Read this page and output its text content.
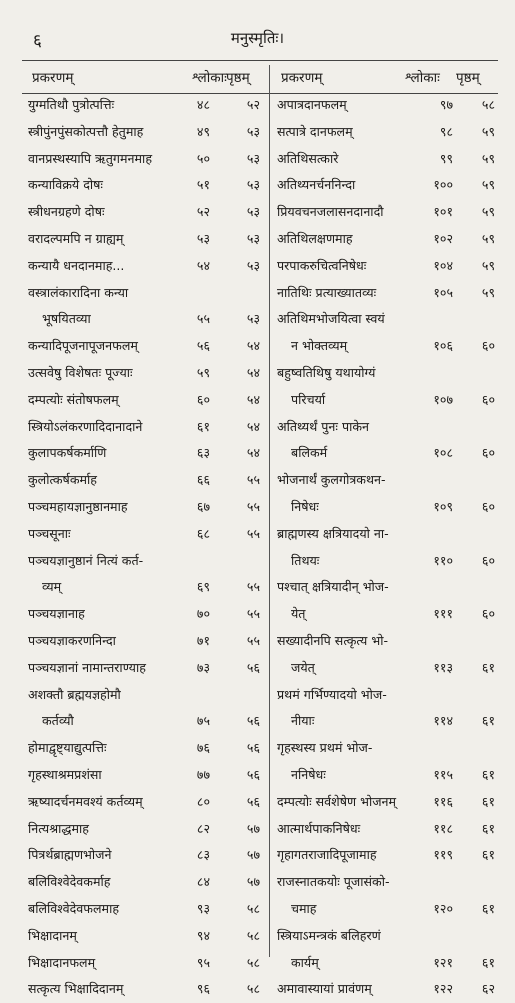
६	मनुस्मृतिः।
प्रकरणम्	श्लोकाः पृष्ठम्
युग्मतिथौ पुत्रोत्पत्तिः	४८	५२
स्त्रीपुंनपुंसकोत्पत्तौ हेतुमाह	४९	५३
वानप्रस्थस्यापि ऋतुगमनमाह	५०	५३
कन्याविक्रये दोषः	५१	५३
स्त्रीधनग्रहणे दोषः	५२	५३
वरादल्पमपि न ग्राह्यम्	५३	५३
कन्यायै धनदानमाह...	५४	५३
वस्त्रालंकारादिना कन्या
भूषयितव्या	५५	५३
कन्यादिपूजनापूजनफलम्	५६	५४
उत्सवेषु विशेषतः पूज्याः	५९	५४
दम्पत्योः संतोषफलम्	६०	५४
स्त्रियोऽलंकरणादिदानादाने	६१	५४
कुलापकर्षकर्माणि	६३	५४
कुलोत्कर्षकर्माह	६६	५५
पञ्चमहायज्ञानुष्ठानमाह	६७	५५
पञ्चसूनाः	६८	५५
पञ्चयज्ञानुष्ठानं नित्यं कर्त-
व्यम्	६९	५५
पञ्चयज्ञानाह	७०	५५
पञ्चयज्ञाकरणनिन्दा	७१	५५
पञ्चयज्ञानां नामान्तराण्याह	७३	५६
अशक्तौ ब्रह्मयज्ञहोमौ
कर्तव्यौ	७५	५६
होमाद्वृष्ट्याद्युत्पत्तिः	७६	५६
गृहस्थाश्रमप्रशंसा	७७	५६
ऋष्यादर्चनमवश्यं कर्तव्यम्	८०	५६
नित्यश्राद्धमाह	८२	५७
पित्रर्थब्राह्मणभोजने	८३	५७
बलिविश्वेदेवकर्माह	८४	५७
बलिविश्वेदेवफलमाह	९३	५८
भिक्षादानम्	९४	५८
भिक्षादानफलम्	९५	५८
सत्कृत्य भिक्षादिदानम्	९६	५८
प्रकरणम्	श्लोकाः पृष्ठम्
अपात्रदानफलम्	९७	५८
सत्पात्रे दानफलम्	९८	५९
अतिथिसत्कारे	९९	५९
अतिथ्यनर्चननिन्दा	१००	५९
प्रियवचनजलासनदानादौ	१०१	५९
अतिथिलक्षणमाह	१०२	५९
परपाकरुचित्वनिषेधः	१०४	५९
नातिथिः प्रत्याख्यातव्यः	१०५	५९
अतिथिमभोजयित्वा स्वयं
न भोक्तव्यम्	१०६	६०
बहुष्वतिथिषु यथायोग्यं
परिचर्या	१०७	६०
अतिथ्यर्थं पुनः पाकेन
बलिकर्म	१०८	६०
भोजनार्थं कुलगोत्रकथन-
निषेधः	१०९	६०
ब्राह्मणस्य क्षत्रियादयो ना-
तिथयः	११०	६०
पश्चात् क्षत्रियादीन् भोज-
येत्	१११	६०
सख्यादीनपि सत्कृत्य भो-
जयेत्	११३	६१
प्रथमं गर्भिण्यादयो भोज-
नीयाः	११४	६१
गृहस्थस्य प्रथमं भोज-
ननिषेधः	११५	६१
दम्पत्योः सर्वशेषेण भोजनम्	११६	६१
आत्मार्थपाकनिषेधः	११८	६१
गृहागतराजादिपूजामाह	११९	६१
राजस्नातकयोः पूजासंको-
चमाह	१२०	६१
स्त्रियाऽमन्त्रकं बलिहरणं
कार्यम्	१२१	६१
अमावास्यायां प्रावंणम्	१२२	६२
